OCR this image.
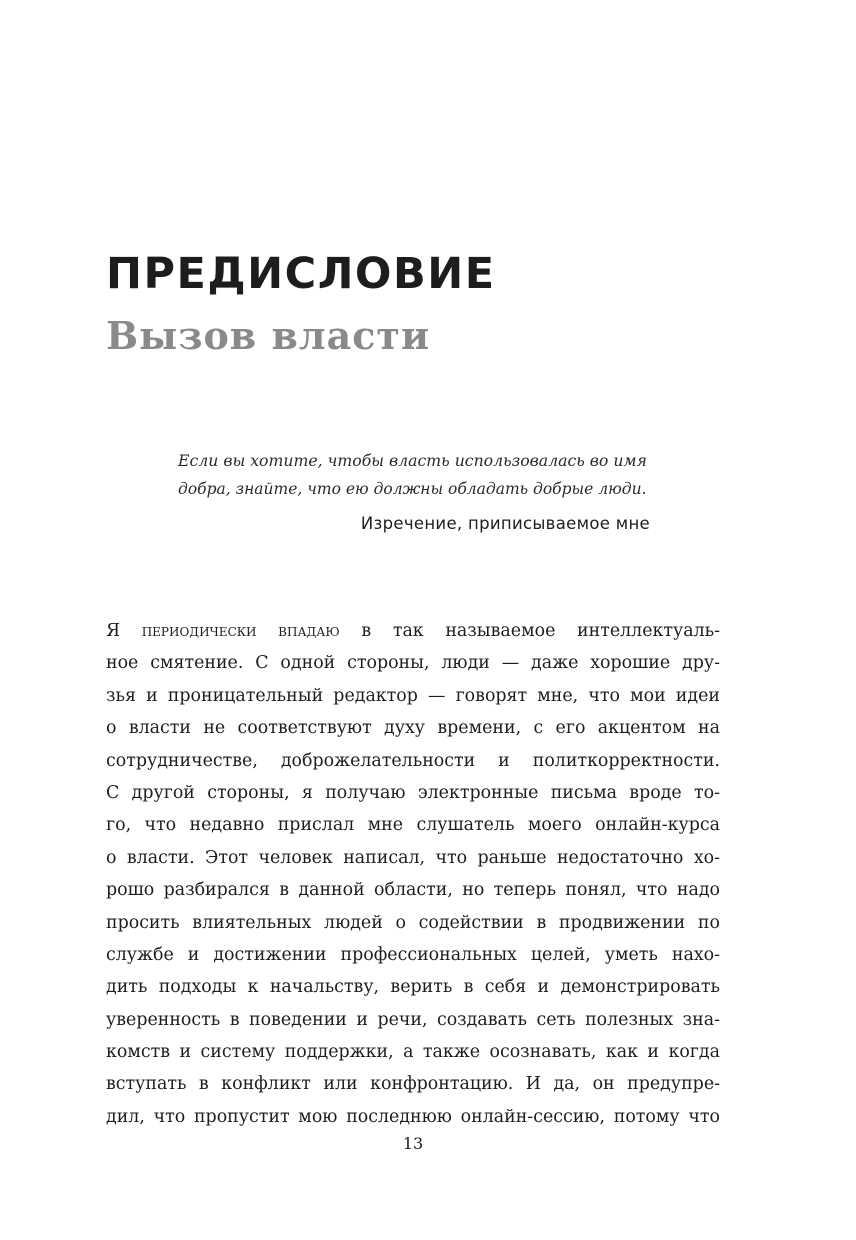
ПРЕДИСЛОВИЕ
Вызов власти

Если вы хотите, чтобы власть использовалась во имя
добра, знайте, что ею должны обладать добрые люди.

Изречение, приписываемое мне

Я периодически впадаю в так называемое интеллектуаль-
ное смятение. С одной стороны, люди — даже хорошие дру-
зья и проницательный редактор — говорят мне, что мои идеи
о власти не соответствуют духу времени, с его акцентом на
сотрудничестве, доброжелательности и политкорректности.
С другой стороны, я получаю электронные письма вроде то-
го, что недавно прислал мне слушатель моего онлайн-курса
о власти. Этот человек написал, что раньше недостаточно хо-
рошо разбирался в данной области, но теперь понял, что надо
просить влиятельных людей о содействии в продвижении по
службе и достижении профессиональных целей, уметь нахо-
дить подходы к начальству, верить в себя и демонстрировать
уверенность в поведении и речи, создавать сеть полезных зна-
комств и систему поддержки, а также осознавать, как и когда
вступать в конфликт или конфронтацию. И да, он предупре-
дил, что пропустит мою последнюю онлайн-сессию, потому что

13
